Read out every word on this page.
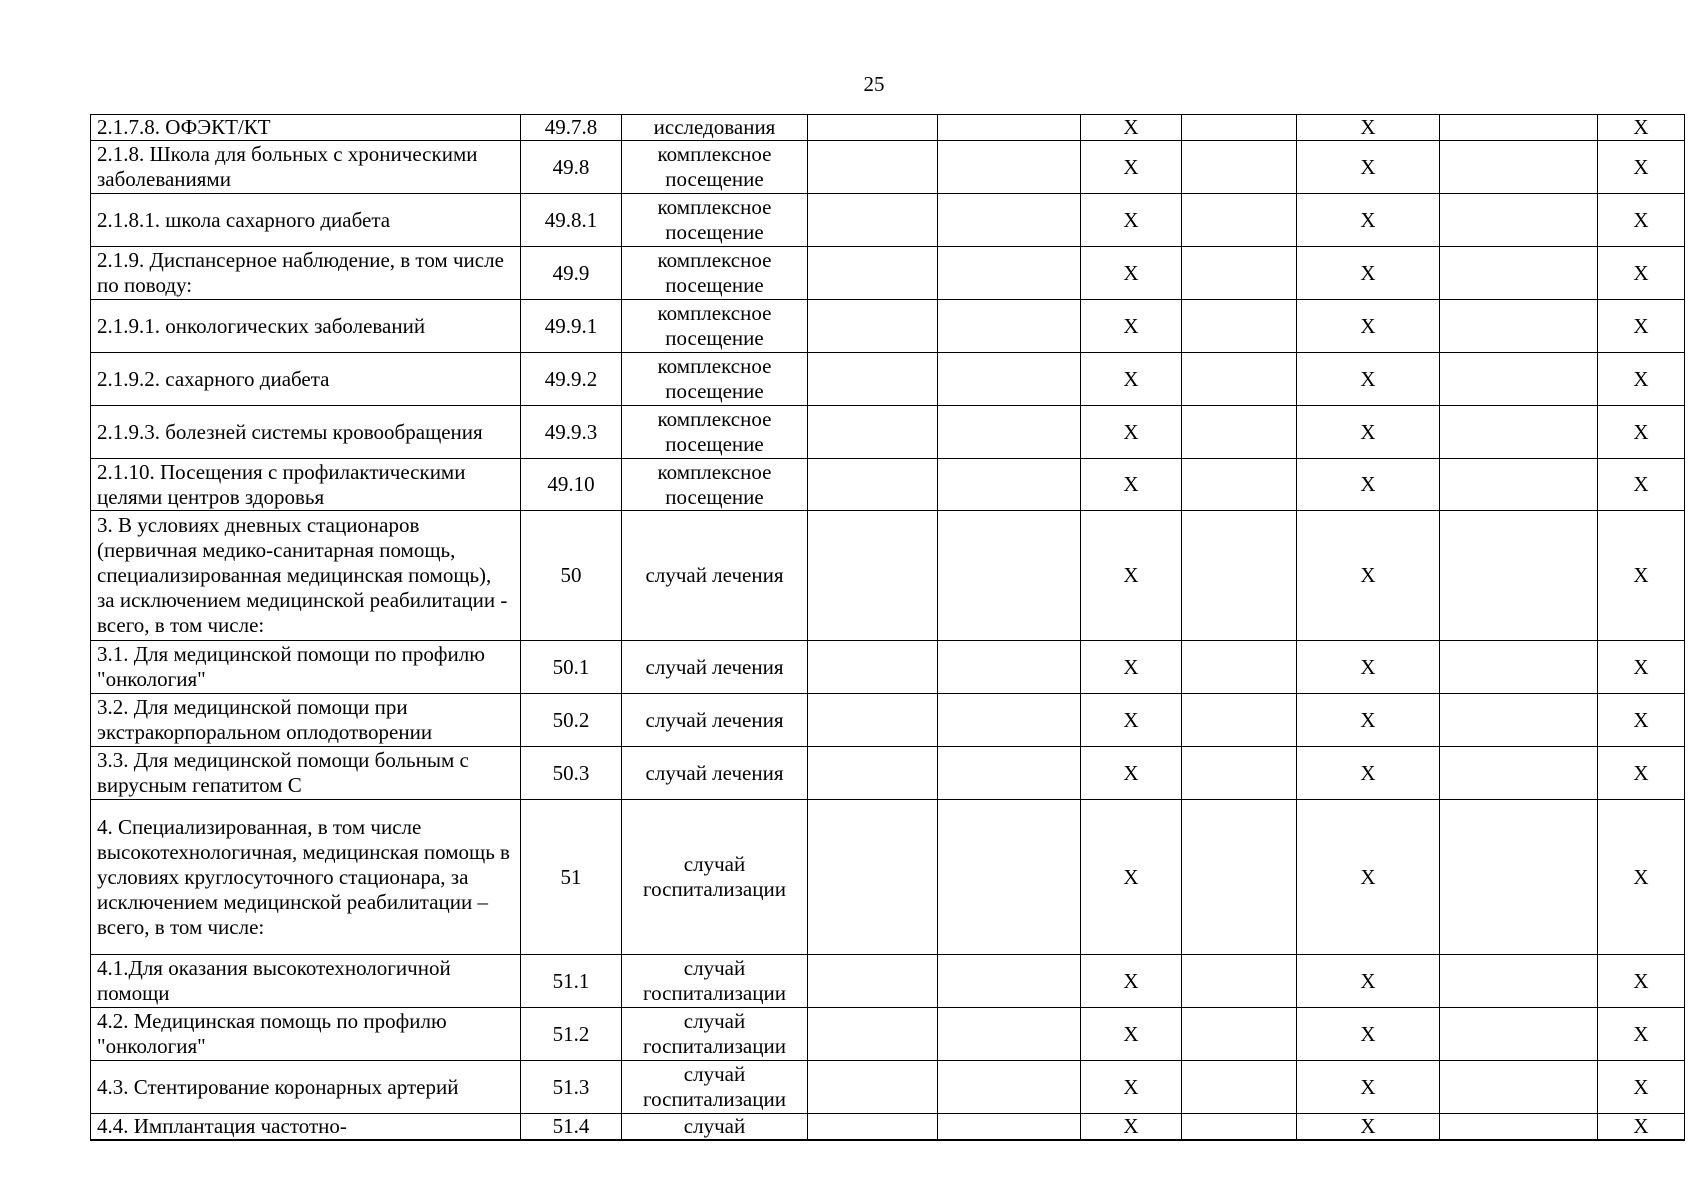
25
2.1.7.8. ОФЭКТ/КТ	49.7.8	исследования			X		X		X
2.1.8. Школа для больных с хроническими заболеваниями	49.8	комплексное посещение			X		X		X
2.1.8.1. школа сахарного диабета	49.8.1	комплексное посещение			X		X		X
2.1.9. Диспансерное наблюдение, в том числе по поводу:	49.9	комплексное посещение			X		X		X
2.1.9.1. онкологических заболеваний	49.9.1	комплексное посещение			X		X		X
2.1.9.2. сахарного диабета	49.9.2	комплексное посещение			X		X		X
2.1.9.3. болезней системы кровообращения	49.9.3	комплексное посещение			X		X		X
2.1.10. Посещения с профилактическими целями центров здоровья	49.10	комплексное посещение			X		X		X
3. В условиях дневных стационаров (первичная медико-санитарная помощь, специализированная медицинская помощь), за исключением медицинской реабилитации - всего, в том числе:	50	случай лечения			X		X		X
3.1. Для медицинской помощи по профилю "онкология"	50.1	случай лечения			X		X		X
3.2. Для медицинской помощи при экстракорпоральном оплодотворении	50.2	случай лечения			X		X		X
3.3. Для медицинской помощи больным с вирусным гепатитом С	50.3	случай лечения			X		X		X
4. Специализированная, в том числе высокотехнологичная, медицинская помощь в условиях круглосуточного стационара, за исключением медицинской реабилитации – всего, в том числе:	51	случай госпитализации			X		X		X
4.1.Для оказания высокотехнологичной помощи	51.1	случай госпитализации			X		X		X
4.2. Медицинская помощь по профилю "онкология"	51.2	случай госпитализации			X		X		X
4.3. Стентирование коронарных артерий	51.3	случай госпитализации			X		X		X
4.4. Имплантация частотно-	51.4	случай			X		X		X
